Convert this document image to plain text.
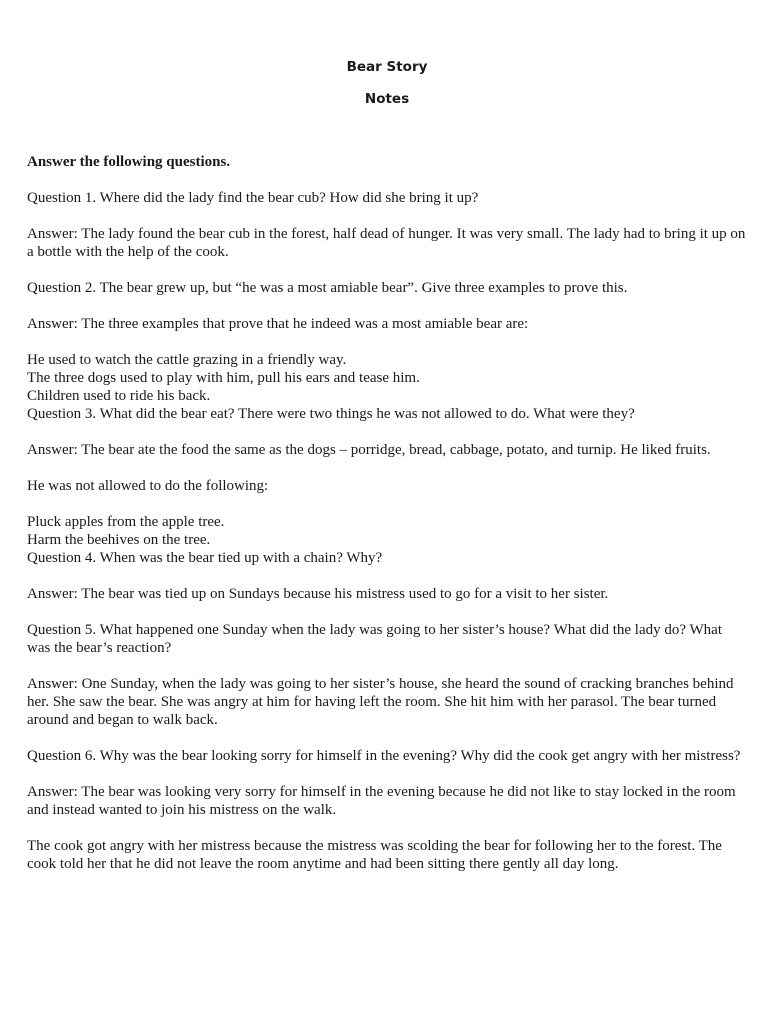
Bear Story
Notes

Answer the following questions.

Question 1. Where did the lady find the bear cub? How did she bring it up?

Answer: The lady found the bear cub in the forest, half dead of hunger. It was very small. The lady had to bring it up on a bottle with the help of the cook.

Question 2. The bear grew up, but “he was a most amiable bear”. Give three examples to prove this.

Answer: The three examples that prove that he indeed was a most amiable bear are:

He used to watch the cattle grazing in a friendly way.

The three dogs used to play with him, pull his ears and tease him.

Children used to ride his back.

Question 3. What did the bear eat? There were two things he was not allowed to do. What were they?

Answer: The bear ate the food the same as the dogs – porridge, bread, cabbage, potato, and turnip. He liked fruits.

He was not allowed to do the following:

Pluck apples from the apple tree.

Harm the beehives on the tree.

Question 4. When was the bear tied up with a chain? Why?

Answer: The bear was tied up on Sundays because his mistress used to go for a visit to her sister.

Question 5. What happened one Sunday when the lady was going to her sister’s house? What did the lady do? What was the bear’s reaction?

Answer: One Sunday, when the lady was going to her sister’s house, she heard the sound of cracking branches behind her. She saw the bear. She was angry at him for having left the room. She hit him with her parasol. The bear turned around and began to walk back.

Question 6. Why was the bear looking sorry for himself in the evening? Why did the cook get angry with her mistress?

Answer: The bear was looking very sorry for himself in the evening because he did not like to stay locked in the room and instead wanted to join his mistress on the walk.

The cook got angry with her mistress because the mistress was scolding the bear for following her to the forest. The cook told her that he did not leave the room anytime and had been sitting there gently all day long.
